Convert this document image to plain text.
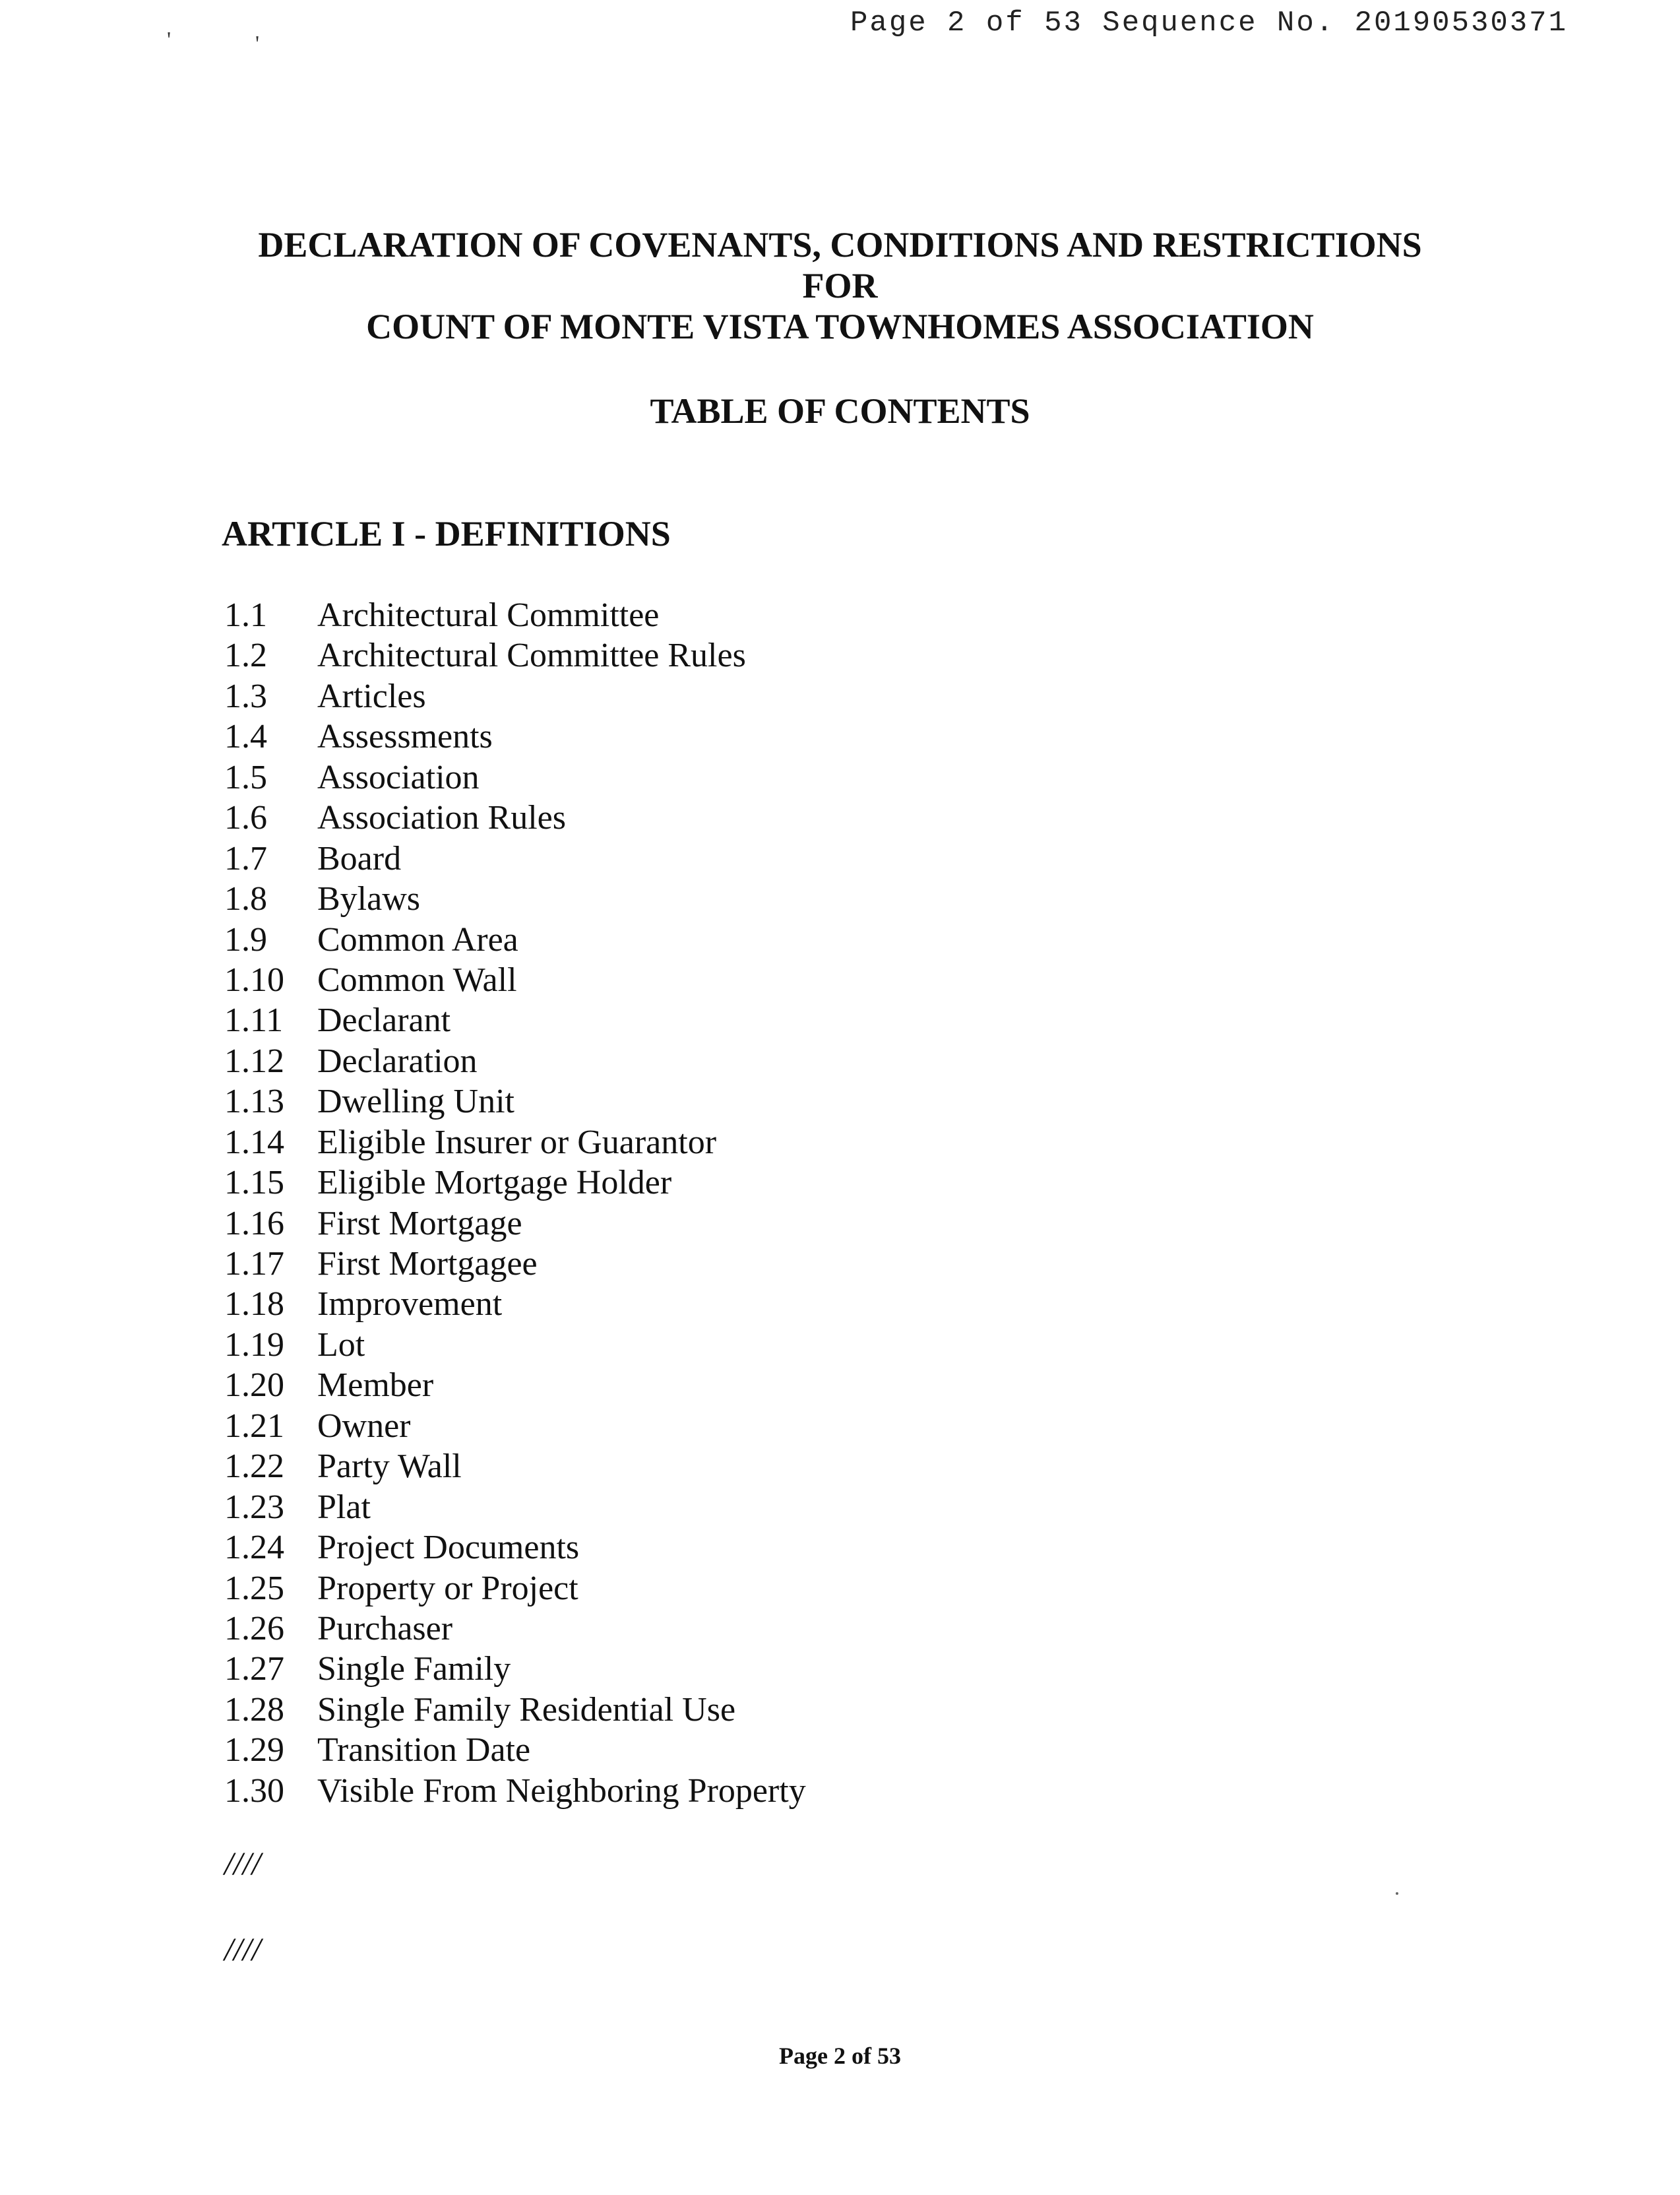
Page 2 of 53 Sequence No. 20190530371
'	'
DECLARATION OF COVENANTS, CONDITIONS AND RESTRICTIONS
FOR
COUNT OF MONTE VISTA TOWNHOMES ASSOCIATION
TABLE OF CONTENTS
ARTICLE I - DEFINITIONS
1.1	Architectural Committee
1.2	Architectural Committee Rules
1.3	Articles
1.4	Assessments
1.5	Association
1.6	Association Rules
1.7	Board
1.8	Bylaws
1.9	Common Area
1.10 Common Wall
1.11 Declarant
1.12 Declaration
1.13 Dwelling Unit
1.14 Eligible Insurer or Guarantor
1.15 Eligible Mortgage Holder
1.16 First Mortgage
1.17 First Mortgagee
1.18 Improvement
1.19 Lot
1.20 Member
1.21 Owner
1.22 Party Wall
1.23 Plat
1.24 Project Documents
1.25 Property or Project
1.26 Purchaser
1.27 Single Family
1.28 Single Family Residential Use
1.29 Transition Date
1.30 Visible From Neighboring Property
////
////
Page 2 of 53
